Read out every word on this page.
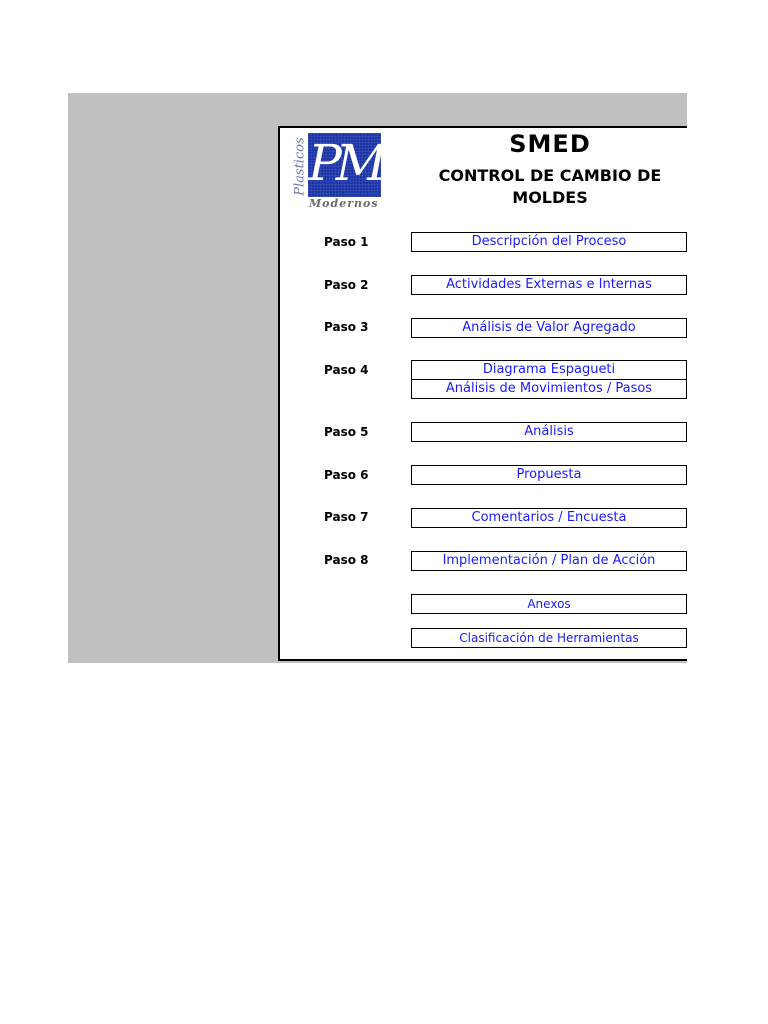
PM
Plasticos
Modernos
SMED
CONTROL DE CAMBIO DE MOLDES
Paso 1	Descripción del Proceso
Paso 2	Actividades Externas e Internas
Paso 3	Análisis de Valor Agregado
Paso 4	Diagrama Espagueti
Análisis de Movimientos / Pasos
Paso 5	Análisis
Paso 6	Propuesta
Paso 7	Comentarios / Encuesta
Paso 8	Implementación / Plan de Acción
Anexos
Clasificación de Herramientas
